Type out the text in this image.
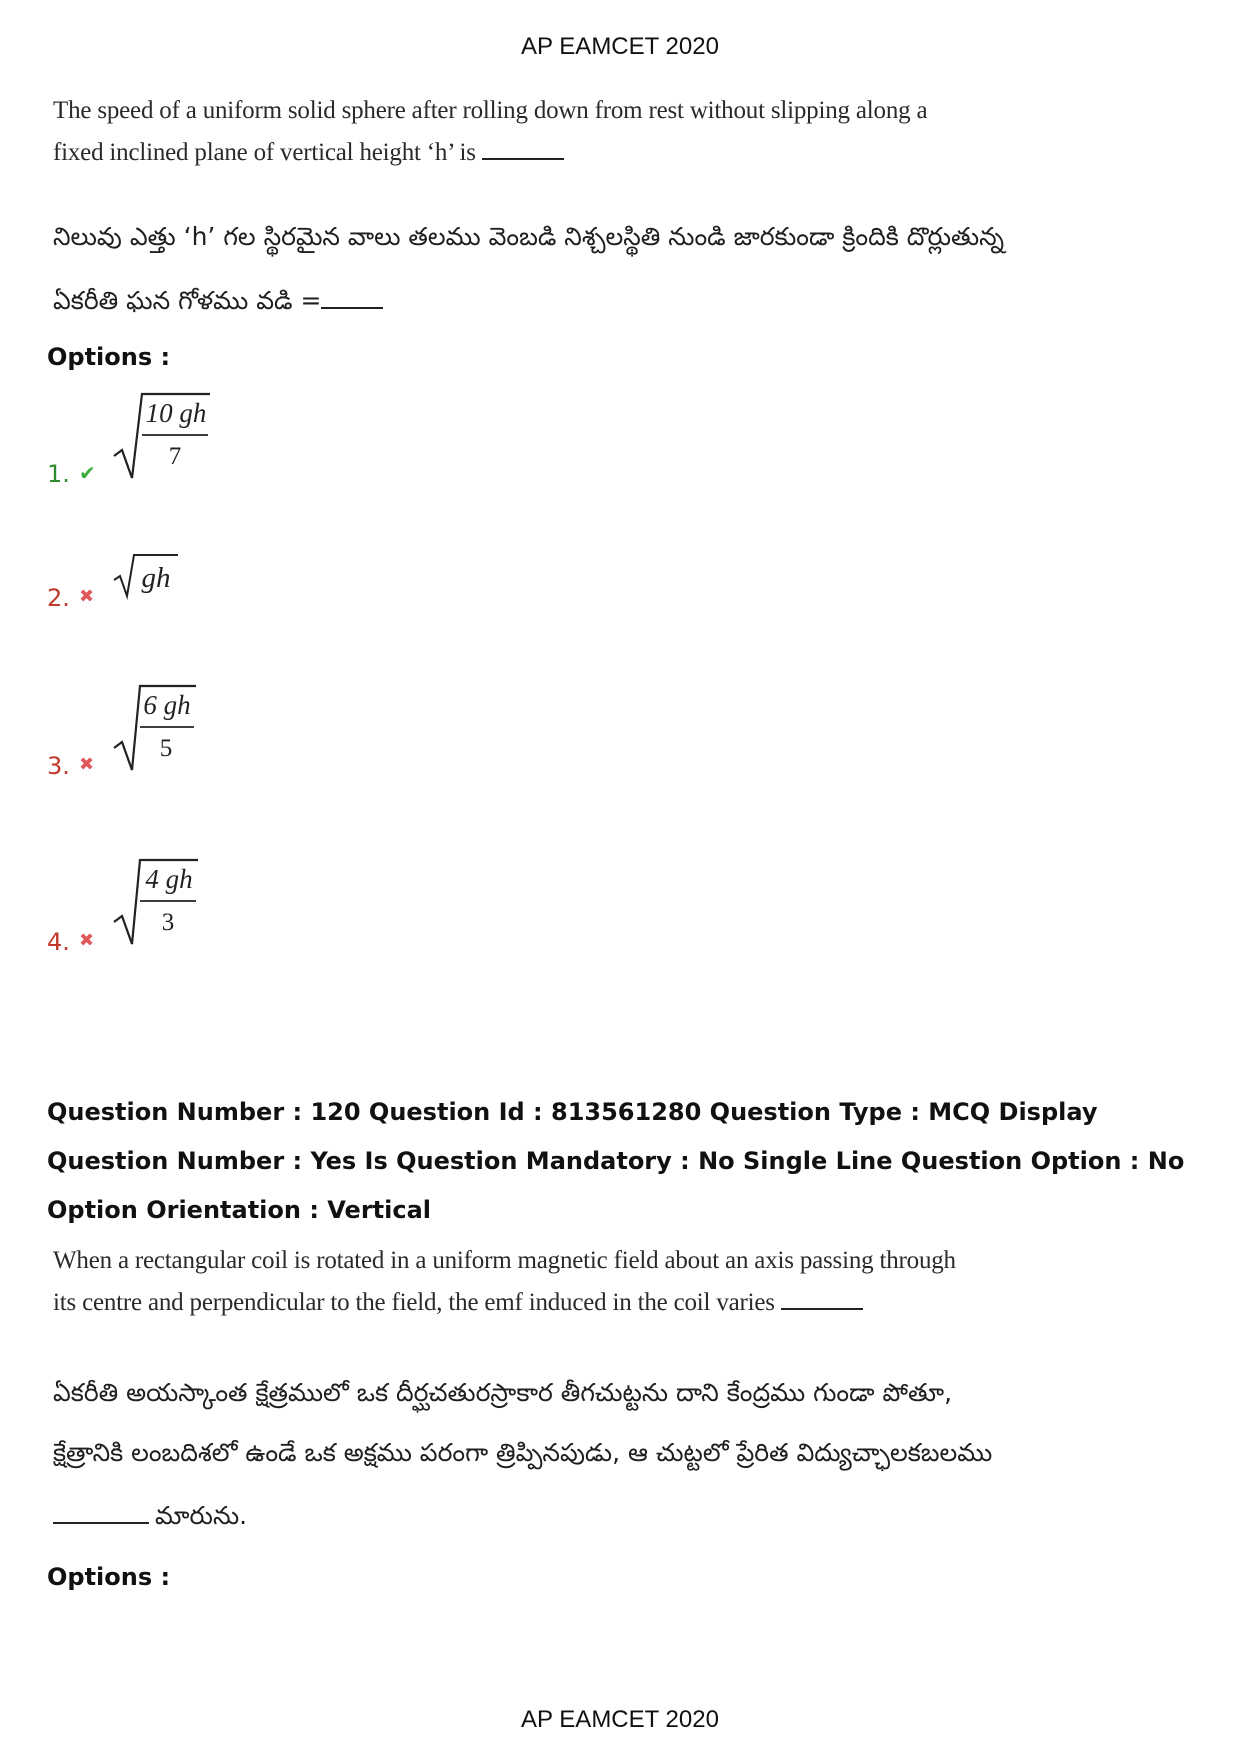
AP EAMCET 2020
The speed of a uniform solid sphere after rolling down from rest without slipping along a
fixed inclined plane of vertical height ‘h’ is
నిలువు ఎత్తు ‘h’ గల స్థిరమైన వాలు తలము వెంబడి నిశ్చలస్థితి నుండి జారకుండా క్రిందికి దొర్లుతున్న
ఏకరీతి ఘన గోళము వడి =
Options :
1. ✔
10 gh
7
2. ✖
gh
3. ✖
6 gh
5
4. ✖
4 gh
3
Question Number : 120 Question Id : 813561280 Question Type : MCQ Display Question Number : Yes Is Question Mandatory : No Single Line Question Option : No Option Orientation : Vertical
When a rectangular coil is rotated in a uniform magnetic field about an axis passing through
its centre and perpendicular to the field, the emf induced in the coil varies
ఏకరీతి అయస్కాంత క్షేత్రములో ఒక దీర్ఘచతురస్రాకార తీగచుట్టను దాని కేంద్రము గుండా పోతూ,
క్షేత్రానికి లంబదిశలో ఉండే ఒక అక్షము పరంగా త్రిప్పినపుడు, ఆ చుట్టలో ప్రేరిత విద్యుచ్ఛాలకబలము
మారును.
Options :
AP EAMCET 2020
